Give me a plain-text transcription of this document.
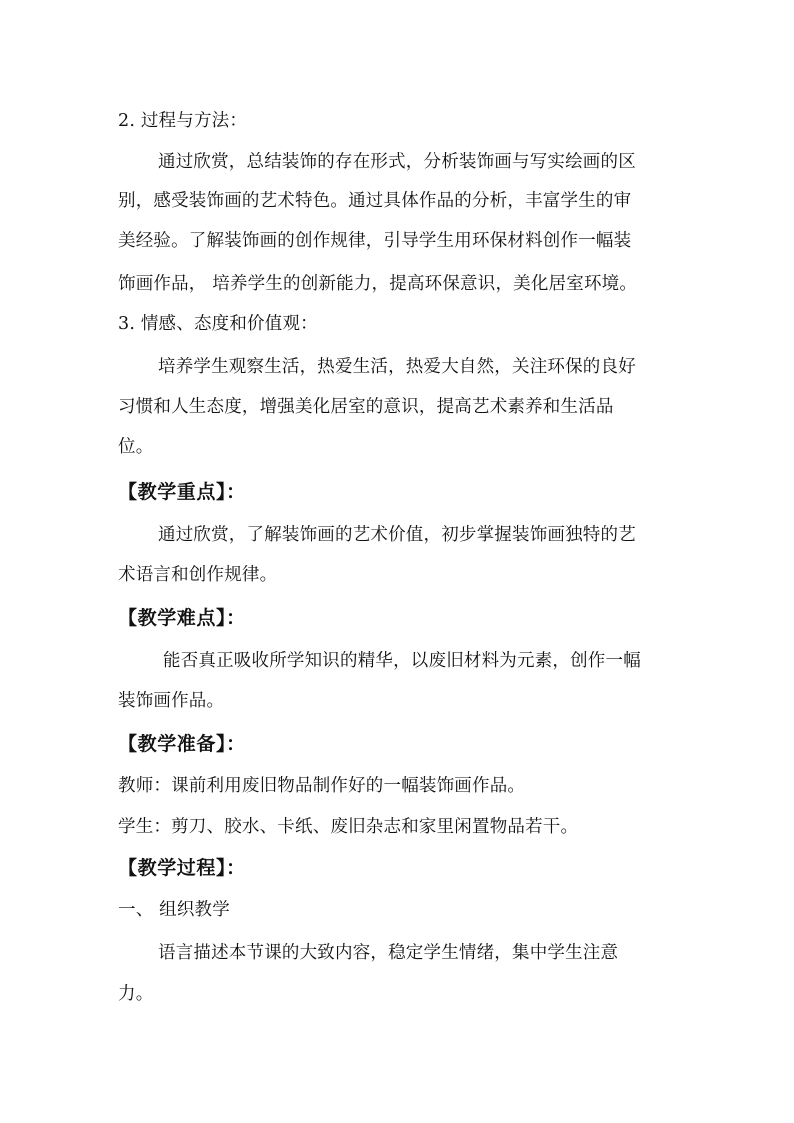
2. 过程与方法：
通过欣赏，总结装饰的存在形式，分析装饰画与写实绘画的区
别，感受装饰画的艺术特色。通过具体作品的分析，丰富学生的审
美经验。了解装饰画的创作规律，引导学生用环保材料创作一幅装
饰画作品， 培养学生的创新能力，提高环保意识，美化居室环境。
3. 情感、态度和价值观：
培养学生观察生活，热爱生活，热爱大自然，关注环保的良好
习惯和人生态度，增强美化居室的意识，提高艺术素养和生活品
位。
【教学重点】：
通过欣赏，了解装饰画的艺术价值，初步掌握装饰画独特的艺
术语言和创作规律。
【教学难点】：
能否真正吸收所学知识的精华，以废旧材料为元素，创作一幅
装饰画作品。
【教学准备】：
教师：课前利用废旧物品制作好的一幅装饰画作品。
学生：剪刀、胶水、卡纸、废旧杂志和家里闲置物品若干。
【教学过程】：
一、 组织教学
语言描述本节课的大致内容，稳定学生情绪，集中学生注意
力。
